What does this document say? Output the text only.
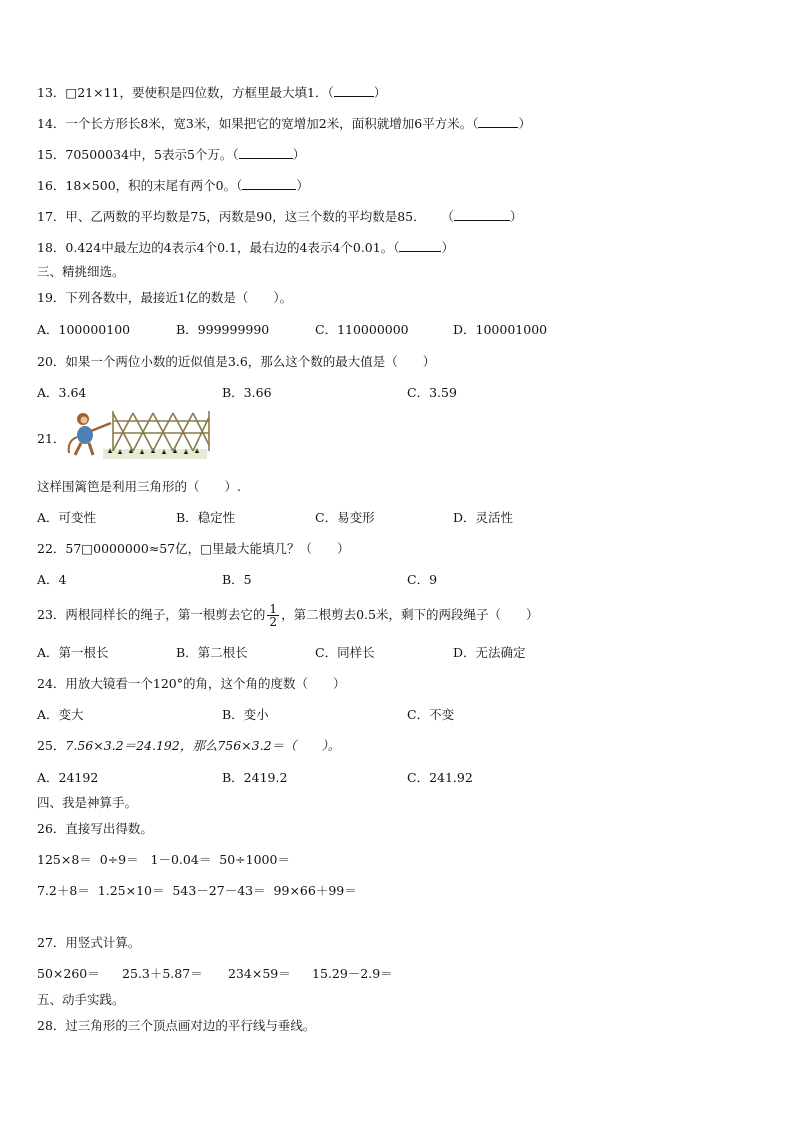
13．□21×11，要使积是四位数，方框里最大填1．（	）
14．一个长方形长8米，宽3米，如果把它的宽增加2米，面积就增加6平方米。（	）
15．70500034中，5表示5个万。（	）
16．18×500，积的末尾有两个0。（	）
17．甲、乙两数的平均数是75，丙数是90，这三个数的平均数是85． （	）
18．0.424中最左边的4表示4个0.1，最右边的4表示4个0.01。（	）
三、精挑细选。
19．下列各数中，最接近1亿的数是（　　）。
A．100000100	B．999999990	C．110000000	D．100001000
20．如果一个两位小数的近似值是3.6，那么这个数的最大值是（　　）
A．3.64	B．3.66	C．3.59
21．
这样围篱笆是利用三角形的（　　）.
A．可变性	B．稳定性	C．易变形	D．灵活性
22．57□0000000≈57亿，□里最大能填几？（　　）
A．4	B．5	C．9
23．两根同样长的绳子，第一根剪去它的 $\frac{1}{2}$ ，第二根剪去0.5米，剩下的两段绳子（　　）
A．第一根长	B．第二根长	C．同样长	D．无法确定
24．用放大镜看一个120°的角，这个角的度数（　　）
A．变大	B．变小	C．不变
25．7.56×3.2＝24.192，那么756×3.2＝（　　）。
A．24192	B．2419.2	C．241.92
四、我是神算手。
26．直接写出得数。
125×8＝  0÷9＝   1－0.04＝  50÷1000＝
7.2＋8＝  1.25×10＝  543－27－43＝  99×66＋99＝
27．用竖式计算。
50×260＝ 25.3＋5.87＝ 234×59＝ 15.29－2.9＝
五、动手实践。
28．过三角形的三个顶点画对边的平行线与垂线。
